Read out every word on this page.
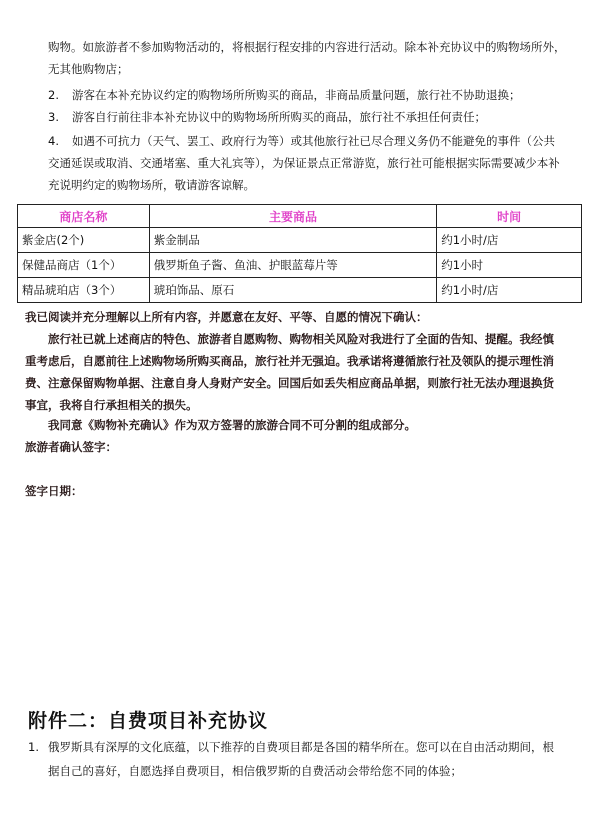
购物。如旅游者不参加购物活动的，将根据行程安排的内容进行活动。除本补充协议中的购物场所外，
无其他购物店；

2. 游客在本补充协议约定的购物场所所购买的商品，非商品质量问题，旅行社不协助退换；

3. 游客自行前往非本补充协议中的购物场所所购买的商品，旅行社不承担任何责任；

4. 如遇不可抗力（天气、罢工、政府行为等）或其他旅行社已尽合理义务仍不能避免的事件（公共
交通延误或取消、交通堵塞、重大礼宾等），为保证景点正常游览，旅行社可能根据实际需要减少本补
充说明约定的购物场所，敬请游客谅解。

商店名称	主要商品	时间
紫金店(2个)	紫金制品	约1小时/店
保健品商店（1个）	俄罗斯鱼子酱、鱼油、护眼蓝莓片等	约1小时
精品琥珀店（3个）	琥珀饰品、原石	约1小时/店

我已阅读并充分理解以上所有内容，并愿意在友好、平等、自愿的情况下确认：

旅行社已就上述商店的特色、旅游者自愿购物、购物相关风险对我进行了全面的告知、提醒。我经慎
重考虑后，自愿前往上述购物场所购买商品，旅行社并无强迫。我承诺将遵循旅行社及领队的提示理性消
费、注意保留购物单据、注意自身人身财产安全。回国后如丢失相应商品单据，则旅行社无法办理退换货
事宜，我将自行承担相关的损失。

我同意《购物补充确认》作为双方签署的旅游合同不可分割的组成部分。

旅游者确认签字：

签字日期：

附件二：自费项目补充协议

1. 俄罗斯具有深厚的文化底蕴，以下推荐的自费项目都是各国的精华所在。您可以在自由活动期间，根
据自己的喜好，自愿选择自费项目，相信俄罗斯的自费活动会带给您不同的体验；
